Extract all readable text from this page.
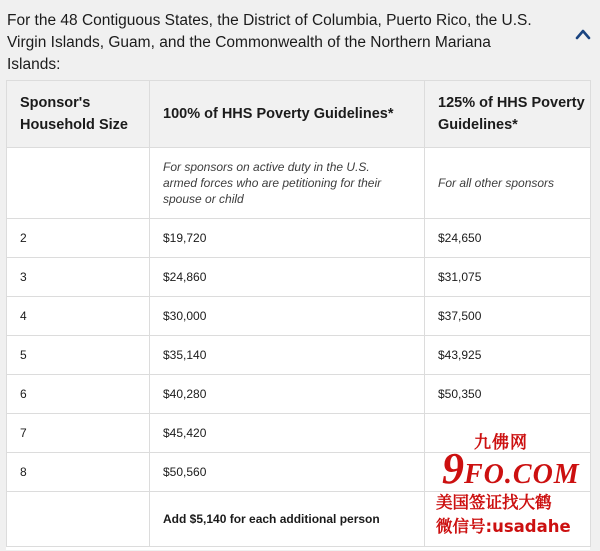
For the 48 Contiguous States, the District of Columbia, Puerto Rico, the U.S. Virgin Islands, Guam, and the Commonwealth of the Northern Mariana Islands:
Sponsor's Household Size	100% of HHS Poverty Guidelines*	125% of HHS Poverty Guidelines*
	For sponsors on active duty in the U.S. armed forces who are petitioning for their spouse or child	For all other sponsors
2	$19,720	$24,650
3	$24,860	$31,075
4	$30,000	$37,500
5	$35,140	$43,925
6	$40,280	$50,350
7	$45,420	
8	$50,560	
	Add $5,140 for each additional person	
九佛网
9FO.COM
美国签证找大鹤
微信号:usadahe
